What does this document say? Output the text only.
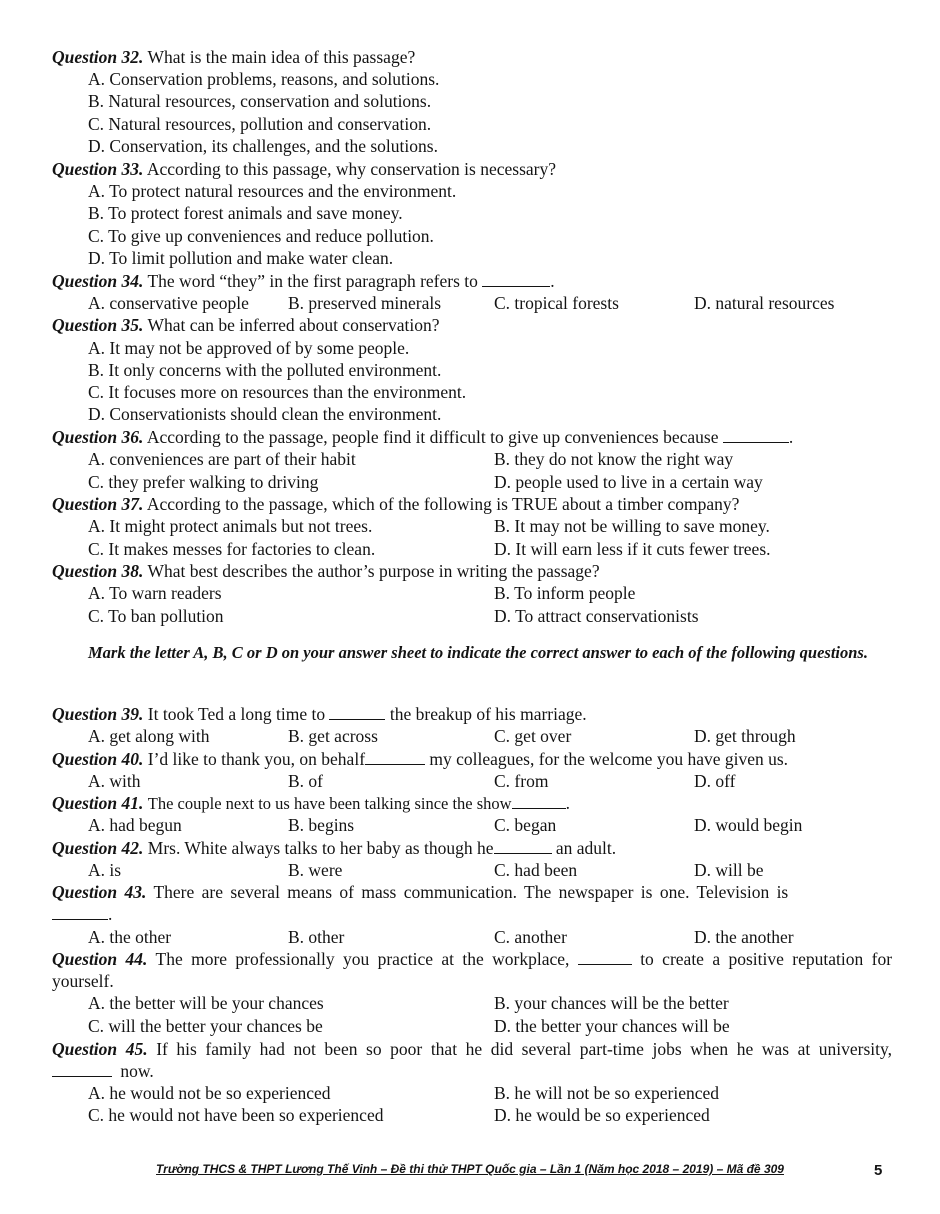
Question 32. What is the main idea of this passage?
A. Conservation problems, reasons, and solutions.
B. Natural resources, conservation and solutions.
C. Natural resources, pollution and conservation.
D. Conservation, its challenges, and the solutions.
Question 33. According to this passage, why conservation is necessary?
A. To protect natural resources and the environment.
B. To protect forest animals and save money.
C. To give up conveniences and reduce pollution.
D. To limit pollution and make water clean.
Question 34. The word “they” in the first paragraph refers to	.
A. conservative people B. preserved minerals	C. tropical forests	D. natural resources
Question 35. What can be inferred about conservation?
A. It may not be approved of by some people.
B. It only concerns with the polluted environment.
C. It focuses more on resources than the environment.
D. Conservationists should clean the environment.
Question 36. According to the passage, people find it difficult to give up conveniences because	.
A. conveniences are part of their habit	B. they do not know the right way
C. they prefer walking to driving	D. people used to live in a certain way
Question 37. According to the passage, which of the following is TRUE about a timber company?
A. It might protect animals but not trees.	B. It may not be willing to save money.
C. It makes messes for factories to clean.	D. It will earn less if it cuts fewer trees.
Question 38. What best describes the author’s purpose in writing the passage?
A. To warn readers	B. To inform people
C. To ban pollution	D. To attract conservationists
Mark the letter A, B, C or D on your answer sheet to indicate the correct answer to each of the following questions.
Question 39. It took Ted a long time to	the breakup of his marriage.
A. get along with	B. get across	C. get over	D. get through
Question 40. I’d like to thank you, on behalf	my colleagues, for the welcome you have given us.
A. with	B. of	C. from	D. off
Question 41. The couple next to us have been talking since the show	.
A. had begun	B. begins	C. began	D. would begin
Question 42. Mrs. White always talks to her baby as though he	an adult.
A. is	B. were	C. had been	D. will be
Question 43. There are several means of mass communication. The newspaper is one. Television is
.
A. the other	B. other	C. another	D. the another
Question 44. The more professionally you practice at the workplace,	to create a positive reputation for yourself.
A. the better will be your chances	B. your chances will be the better
C. will the better your chances be	D. the better your chances will be
Question 45. If his family had not been so poor that he did several part-time jobs when he was at university,  now.
A. he would not be so experienced	B. he will not be so experienced
C. he would not have been so experienced	D. he would be so experienced
Trường THCS & THPT Lương Thế Vinh – Đề thi thử THPT Quốc gia – Lần 1 (Năm học 2018 – 2019) – Mã đề 309	5
